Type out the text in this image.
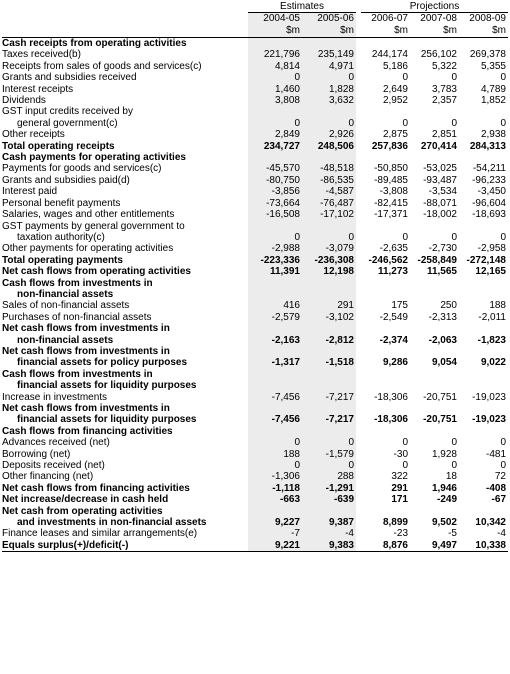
Estimates	Projections
2004-05	2005-06	2006-07	2007-08	2008-09
$m	$m	$m	$m	$m
Cash receipts from operating activities
Taxes received(b)	221,796	235,149	244,174	256,102	269,378
Receipts from sales of goods and services(c)	4,814	4,971	5,186	5,322	5,355
Grants and subsidies received	0	0	0	0	0
Interest receipts	1,460	1,828	2,649	3,783	4,789
Dividends	3,808	3,632	2,952	2,357	1,852
GST input credits received by
general government(c)	0	0	0	0	0
Other receipts	2,849	2,926	2,875	2,851	2,938
Total operating receipts	234,727	248,506	257,836	270,414	284,313
Cash payments for operating activities
Payments for goods and services(c)	-45,570	-48,518	-50,850	-53,025	-54,211
Grants and subsidies paid(d)	-80,750	-86,535	-89,485	-93,487	-96,233
Interest paid	-3,856	-4,587	-3,808	-3,534	-3,450
Personal benefit payments	-73,664	-76,487	-82,415	-88,071	-96,604
Salaries, wages and other entitlements	-16,508	-17,102	-17,371	-18,002	-18,693
GST payments by general government to
taxation authority(c)	0	0	0	0	0
Other payments for operating activities	-2,988	-3,079	-2,635	-2,730	-2,958
Total operating payments	-223,336	-236,308	-246,562 -258,849 -272,148
Net cash flows from operating activities	11,391	12,198	11,273	11,565	12,165
Cash flows from investments in
non-financial assets
Sales of non-financial assets	416	291	175	250	188
Purchases of non-financial assets	-2,579	-3,102	-2,549	-2,313	-2,011
Net cash flows from investments in
non-financial assets	-2,163	-2,812	-2,374	-2,063	-1,823
Net cash flows from investments in
financial assets for policy purposes	-1,317	-1,518	9,286	9,054	9,022
Cash flows from investments in
financial assets for liquidity purposes
Increase in investments	-7,456	-7,217	-18,306	-20,751	-19,023
Net cash flows from investments in
financial assets for liquidity purposes	-7,456	-7,217	-18,306	-20,751	-19,023
Cash flows from financing activities
Advances received (net)	0	0	0	0	0
Borrowing (net)	188	-1,579	-30	1,928	-481
Deposits received (net)	0	0	0	0	0
Other financing (net)	-1,306	288	322	18	72
Net cash flows from financing activities	-1,118	-1,291	291	1,946	-408
Net increase/decrease in cash held	-663	-639	171	-249	-67
Net cash from operating activities
and investments in non-financial assets	9,227	9,387	8,899	9,502	10,342
Finance leases and similar arrangements(e)	-7	-4	-23	-5	-4
Equals surplus(+)/deficit(-)	9,221	9,383	8,876	9,497	10,338
